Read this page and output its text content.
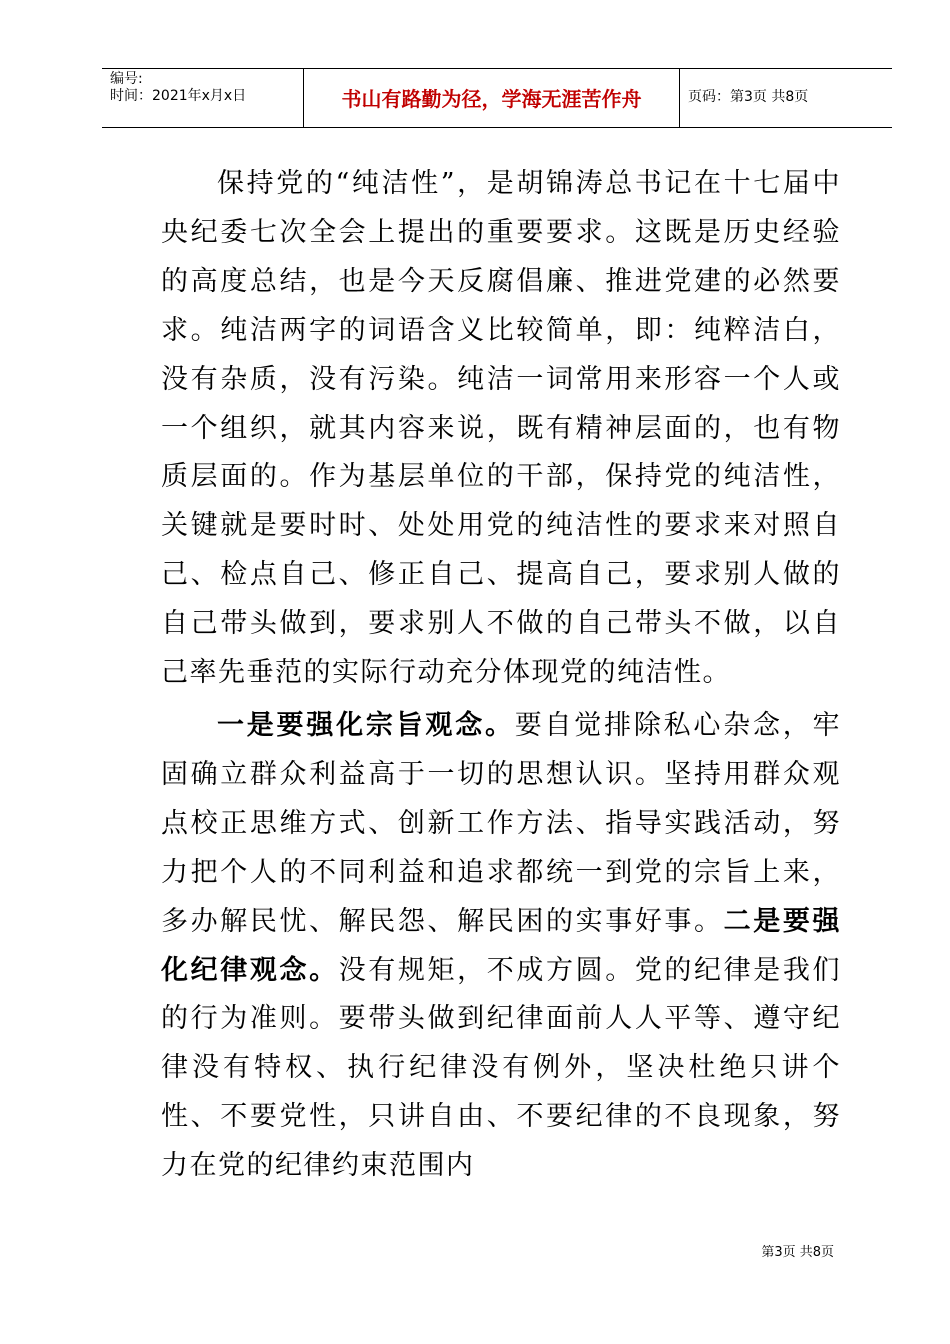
编号:
时间：2021年x月x日	书山有路勤为径，学海无涯苦作舟	页码：第3页 共8页

保持党的“纯洁性”，是胡锦涛总书记在十七届中央纪委七次全会上提出的重要要求。这既是历史经验的高度总结，也是今天反腐倡廉、推进党建的必然要求。纯洁两字的词语含义比较简单，即：纯粹洁白，没有杂质，没有污染。纯洁一词常用来形容一个人或一个组织，就其内容来说，既有精神层面的，也有物质层面的。作为基层单位的干部，保持党的纯洁性，关键就是要时时、处处用党的纯洁性的要求来对照自己、检点自己、修正自己、提高自己，要求别人做的自己带头做到，要求别人不做的自己带头不做，以自己率先垂范的实际行动充分体现党的纯洁性。

一是要强化宗旨观念。要自觉排除私心杂念，牢固确立群众利益高于一切的思想认识。坚持用群众观点校正思维方式、创新工作方法、指导实践活动，努力把个人的不同利益和追求都统一到党的宗旨上来，多办解民忧、解民怨、解民困的实事好事。二是要强化纪律观念。没有规矩，不成方圆。党的纪律是我们的行为准则。要带头做到纪律面前人人平等、遵守纪律没有特权、执行纪律没有例外，坚决杜绝只讲个性、不要党性，只讲自由、不要纪律的不良现象，努力在党的纪律约束范围内

第3页 共8页
